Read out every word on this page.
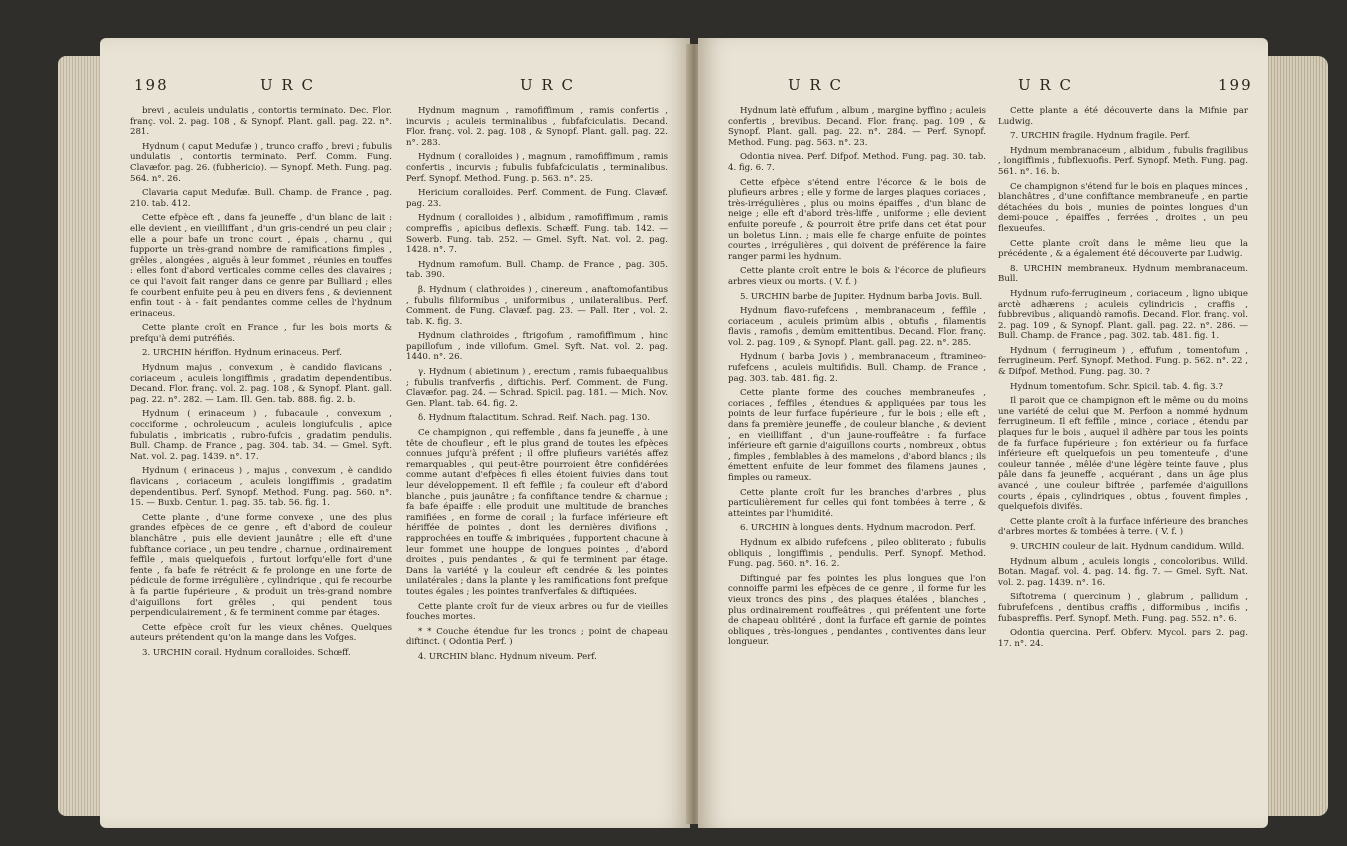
198	U R C	U R C

brevi , aculeis undulatis , contortis terminato. Dec. Flor. franç. vol. 2. pag. 108 , & Synopf. Plant. gall. pag. 22. n°. 281.

Hydnum ( caput Medufæ ) , trunco craffo , brevi ; fubulis undulatis , contortis terminato. Perf. Comm. Fung. Clavæfor. pag. 26. (fubhericio). — Synopf. Meth. Fung. pag. 564. n°. 26.

Clavaria caput Medufæ. Bull. Champ. de France , pag. 210. tab. 412.

Cette efpèce eft , dans fa jeuneffe , d'un blanc de lait : elle devient , en vieilliffant , d'un gris-cendré un peu clair ; elle a pour bafe un tronc court , épais , charnu , qui fupporte un très-grand nombre de ramifications fimples , grêles , alongées , aiguës à leur fommet , réunies en touffes : elles font d'abord verticales comme celles des clavaires ; ce qui l'avoit fait ranger dans ce genre par Bulliard ; elles fe courbent enfuite peu à peu en divers fens , & deviennent enfin tout - à - fait pendantes comme celles de l'hydnum erinaceus.

Cette plante croît en France , fur les bois morts & prefqu'à demi putréfiés.

2. URCHIN hériffon. Hydnum erinaceus. Perf.

Hydnum majus , convexum , è candido flavicans , coriaceum , aculeis longiffimis , gradatim dependentibus. Decand. Flor. franç. vol. 2. pag. 108 , & Synopf. Plant. gall. pag. 22. n°. 282. — Lam. Ill. Gen. tab. 888. fig. 2. b.

Hydnum ( erinaceum ) , fubacaule , convexum , cocciforme , ochroleucum , aculeis longiufculis , apice fubulatis , imbricatis , rubro-fufcis , gradatim pendulis. Bull. Champ. de France , pag. 304. tab. 34. — Gmel. Syft. Nat. vol. 2. pag. 1439. n°. 17.

Hydnum ( erinaceus ) , majus , convexum , è candido flavicans , coriaceum , aculeis longiffimis , gradatim dependentibus. Perf. Synopf. Method. Fung. pag. 560. n°. 15. — Buxb. Centur. 1. pag. 35. tab. 56. fig. 1.

Cette plante , d'une forme convexe , une des plus grandes efpèces de ce genre , eft d'abord de couleur blanchâtre , puis elle devient jaunâtre ; elle eft d'une fubftance coriace , un peu tendre , charnue , ordinairement feffile , mais quelquefois , furtout lorfqu'elle fort d'une fente , fa bafe fe rétrécit & fe prolonge en une forte de pédicule de forme irrégulière , cylindrique , qui fe recourbe à fa partie fupérieure , & produit un très-grand nombre d'aiguillons fort grêles , qui pendent tous perpendiculairement , & fe terminent comme par étages.

Cette efpèce croît fur les vieux chênes. Quelques auteurs prétendent qu'on la mange dans les Vofges.

3. URCHIN corail. Hydnum coralloides. Schœff.

Hydnum magnum , ramofiffimum , ramis confertis , incurvis ; aculeis terminalibus , fubfafciculatis. Decand. Flor. franç. vol. 2. pag. 108 , & Synopf. Plant. gall. pag. 22. n°. 283.

Hydnum ( coralloides ) , magnum , ramofiffimum , ramis confertis , incurvis ; fubulis fubfafciculatis , terminalibus. Perf. Synopf. Method. Fung. p. 563. n°. 25.

Hericium coralloides. Perf. Comment. de Fung. Clavæf. pag. 23.

Hydnum ( coralloides ) , albidum , ramofiffimum , ramis compreffis , apicibus deflexis. Schæff. Fung. tab. 142. — Sowerb. Fung. tab. 252. — Gmel. Syft. Nat. vol. 2. pag. 1428. n°. 7.

Hydnum ramofum. Bull. Champ. de France , pag. 305. tab. 390.

β. Hydnum ( clathroides ) , cinereum , anaftomofantibus , fubulis filiformibus , uniformibus , unilateralibus. Perf. Comment. de Fung. Clavæf. pag. 23. — Pall. Iter , vol. 2. tab. K. fig. 3.

Hydnum clathroides , ftrigofum , ramofiffimum , hinc papillofum , inde villofum. Gmel. Syft. Nat. vol. 2. pag. 1440. n°. 26.

γ. Hydnum ( abietinum ) , erectum , ramis fubaequalibus ; fubulis tranfverfis , diftichis. Perf. Comment. de Fung. Clavæfor. pag. 24. — Schrad. Spicil. pag. 181. — Mich. Nov. Gen. Plant. tab. 64. fig. 2.

δ. Hydnum ftalactitum. Schrad. Reif. Nach. pag. 130.

Ce champignon , qui reffemble , dans fa jeuneffe , à une tête de choufleur , eft le plus grand de toutes les efpèces connues jufqu'à préfent ; il offre plufieurs variétés affez remarquables , qui peut-être pourroient être confidérées comme autant d'efpèces fi elles étoient fuivies dans tout leur développement. Il eft feffile ; fa couleur eft d'abord blanche , puis jaunâtre ; fa confiftance tendre & charnue ; fa bafe épaiffe : elle produit une multitude de branches ramifiées , en forme de corail ; la furface inférieure eft hériffée de pointes , dont les dernières divifions , rapprochées en touffe & imbriquées , fupportent chacune à leur fommet une houppe de longues pointes , d'abord droites , puis pendantes , & qui fe terminent par étage. Dans la variété γ la couleur eft cendrée & les pointes unilatérales ; dans la plante γ les ramifications font prefque toutes égales ; les pointes tranfverfales & diftiquées.

Cette plante croît fur de vieux arbres ou fur de vieilles fouches mortes.

* * Couche étendue fur les troncs ; point de chapeau diftinct. ( Odontia Perf. )

4. URCHIN blanc. Hydnum niveum. Perf.

U R C	U R C	199

Hydnum latè effufum , album , margine byffino ; aculeis confertis , brevibus. Decand. Flor. franç. pag. 109 , & Synopf. Plant. gall. pag. 22. n°. 284. — Perf. Synopf. Method. Fung. pag. 563. n°. 23.

Odontia nivea. Perf. Difpof. Method. Fung. pag. 30. tab. 4. fig. 6. 7.

Cette efpèce s'étend entre l'écorce & le bois de plufieurs arbres ; elle y forme de larges plaques coriaces , très-irrégulières , plus ou moins épaiffes , d'un blanc de neige ; elle eft d'abord très-liffe , uniforme ; elle devient enfuite poreufe , & pourroit être prife dans cet état pour un boletus Linn. ; mais elle fe charge enfuite de pointes courtes , irrégulières , qui doivent de préférence la faire ranger parmi les hydnum.

Cette plante croît entre le bois & l'écorce de plufieurs arbres vieux ou morts. ( V. f. )

5. URCHIN barbe de Jupiter. Hydnum barba Jovis. Bull.

Hydnum flavo-rufefcens , membranaceum , feffile , coriaceum , aculeis primùm albis , obtufis , filamentis flavis , ramofis , demùm emittentibus. Decand. Flor. franç. vol. 2. pag. 109 , & Synopf. Plant. gall. pag. 22. n°. 285.

Hydnum ( barba Jovis ) , membranaceum , ftramineo-rufefcens , aculeis multifidis. Bull. Champ. de France , pag. 303. tab. 481. fig. 2.

Cette plante forme des couches membraneufes , coriaces , feffiles , étendues & appliquées par tous les points de leur furface fupérieure , fur le bois ; elle eft , dans fa première jeuneffe , de couleur blanche , & devient , en vieilliffant , d'un jaune-rouffeâtre : fa furface inférieure eft garnie d'aiguillons courts , nombreux , obtus , fimples , femblables à des mamelons , d'abord blancs ; ils émettent enfuite de leur fommet des filamens jaunes , fimples ou rameux.

Cette plante croît fur les branches d'arbres , plus particulièrement fur celles qui font tombées à terre , & atteintes par l'humidité.

6. URCHIN à longues dents. Hydnum macrodon. Perf.

Hydnum ex albido rufefcens , pileo obliterato ; fubulis obliquis , longiffimis , pendulis. Perf. Synopf. Method. Fung. pag. 560. n°. 16. 2.

Diftingué par fes pointes les plus longues que l'on connoiffe parmi les efpèces de ce genre , il forme fur les vieux troncs des pins , des plaques étalées , blanches , plus ordinairement rouffeâtres , qui préfentent une forte de chapeau oblitéré , dont la furface eft garnie de pointes obliques , très-longues , pendantes , contiventes dans leur longueur.

Cette plante a été découverte dans la Mifnie par Ludwig.

7. URCHIN fragile. Hydnum fragile. Perf.

Hydnum membranaceum , albidum , fubulis fragilibus , longiffimis , fubflexuofis. Perf. Synopf. Meth. Fung. pag. 561. n°. 16. b.

Ce champignon s'étend fur le bois en plaques minces , blanchâtres , d'une confiftance membraneufe , en partie détachées du bois , munies de pointes longues d'un demi-pouce , épaiffes , ferrées , droites , un peu flexueufes.

Cette plante croît dans le même lieu que la précédente , & a également été découverte par Ludwig.

8. URCHIN membraneux. Hydnum membranaceum. Bull.

Hydnum rufo-ferrugineum , coriaceum , ligno ubique arctè adhærens ; aculeis cylindricis , craffis , fubbrevibus , aliquandò ramofis. Decand. Flor. franç. vol. 2. pag. 109 , & Synopf. Plant. gall. pag. 22. n°. 286. — Bull. Champ. de France , pag. 302. tab. 481. fig. 1.

Hydnum ( ferrugineum ) , effufum , tomentofum , ferrugineum. Perf. Synopf. Method. Fung. p. 562. n°. 22 , & Difpof. Method. Fung. pag. 30. ?

Hydnum tomentofum. Schr. Spicil. tab. 4. fig. 3.?

Il paroit que ce champignon eft le même ou du moins une variété de celui que M. Perfoon a nommé hydnum ferrugineum. Il eft feffile , mince , coriace , étendu par plaques fur le bois , auquel il adhère par tous les points de fa furface fupérieure ; fon extérieur ou fa furface inférieure eft quelquefois un peu tomenteufe , d'une couleur tannée , mêlée d'une légère teinte fauve , plus pâle dans fa jeuneffe , acquérant , dans un âge plus avancé , une couleur biftrée , parfemée d'aiguillons courts , épais , cylindriques , obtus , fouvent fimples , quelquefois divifés.

Cette plante croît à la furface inférieure des branches d'arbres mortes & tombées à terre. ( V. f. )

9. URCHIN couleur de lait. Hydnum candidum. Willd.

Hydnum album , aculeis longis , concoloribus. Willd. Botan. Magaf. vol. 4. pag. 14. fig. 7. — Gmel. Syft. Nat. vol. 2. pag. 1439. n°. 16.

Siftotrema ( quercinum ) , glabrum , pallidum , fubrufefcens , dentibus craffis , difformibus , incifis , fubaspreffis. Perf. Synopf. Meth. Fung. pag. 552. n°. 6.

Odontia quercina. Perf. Obferv. Mycol. pars 2. pag. 17. n°. 24.
